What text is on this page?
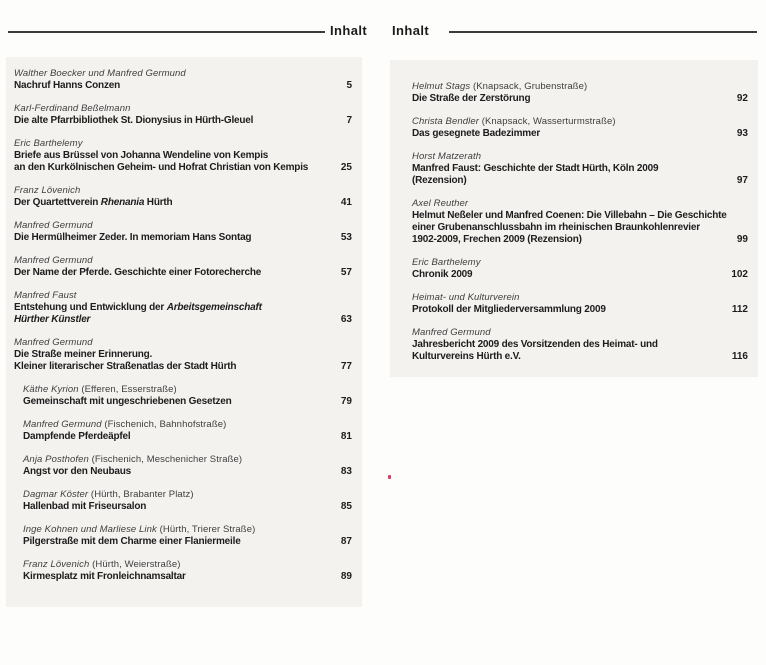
Inhalt Inhalt
Walther Boecker und Manfred Germund
Nachruf Hanns Conzen	5
Karl-Ferdinand Beßelmann
Die alte Pfarrbibliothek St. Dionysius in Hürth-Gleuel	7
Eric Barthelemy
Briefe aus Brüssel von Johanna Wendeline von Kempis
an den Kurkölnischen Geheim- und Hofrat Christian von Kempis	25
Franz Lövenich
Der Quartettverein Rhenania Hürth	41
Manfred Germund
Die Hermülheimer Zeder. In memoriam Hans Sontag	53
Manfred Germund
Der Name der Pferde. Geschichte einer Fotorecherche	57
Manfred Faust
Entstehung und Entwicklung der Arbeitsgemeinschaft
Hürther Künstler	63
Manfred Germund
Die Straße meiner Erinnerung.
Kleiner literarischer Straßenatlas der Stadt Hürth	77
Käthe Kyrion (Efferen, Esserstraße)
Gemeinschaft mit ungeschriebenen Gesetzen	79
Manfred Germund (Fischenich, Bahnhofstraße)
Dampfende Pferdeäpfel	81
Anja Posthofen (Fischenich, Meschenicher Straße)
Angst vor den Neubaus	83
Dagmar Köster (Hürth, Brabanter Platz)
Hallenbad mit Friseursalon	85
Inge Kohnen und Marliese Link (Hürth, Trierer Straße)
Pilgerstraße mit dem Charme einer Flaniermeile	87
Franz Lövenich (Hürth, Weierstraße)
Kirmesplatz mit Fronleichnamsaltar	89
Helmut Stags (Knapsack, Grubenstraße)
Die Straße der Zerstörung	92
Christa Bendler (Knapsack, Wasserturmstraße)
Das gesegnete Badezimmer	93
Horst Matzerath
Manfred Faust: Geschichte der Stadt Hürth, Köln 2009
(Rezension)	97
Axel Reuther
Helmut Neßeler und Manfred Coenen: Die Villebahn – Die Geschichte
einer Grubenanschlussbahn im rheinischen Braunkohlenrevier
1902-2009, Frechen 2009 (Rezension)	99
Eric Barthelemy
Chronik 2009	102
Heimat- und Kulturverein
Protokoll der Mitgliederversammlung 2009	112
Manfred Germund
Jahresbericht 2009 des Vorsitzenden des Heimat- und
Kulturvereins Hürth e.V.	116
